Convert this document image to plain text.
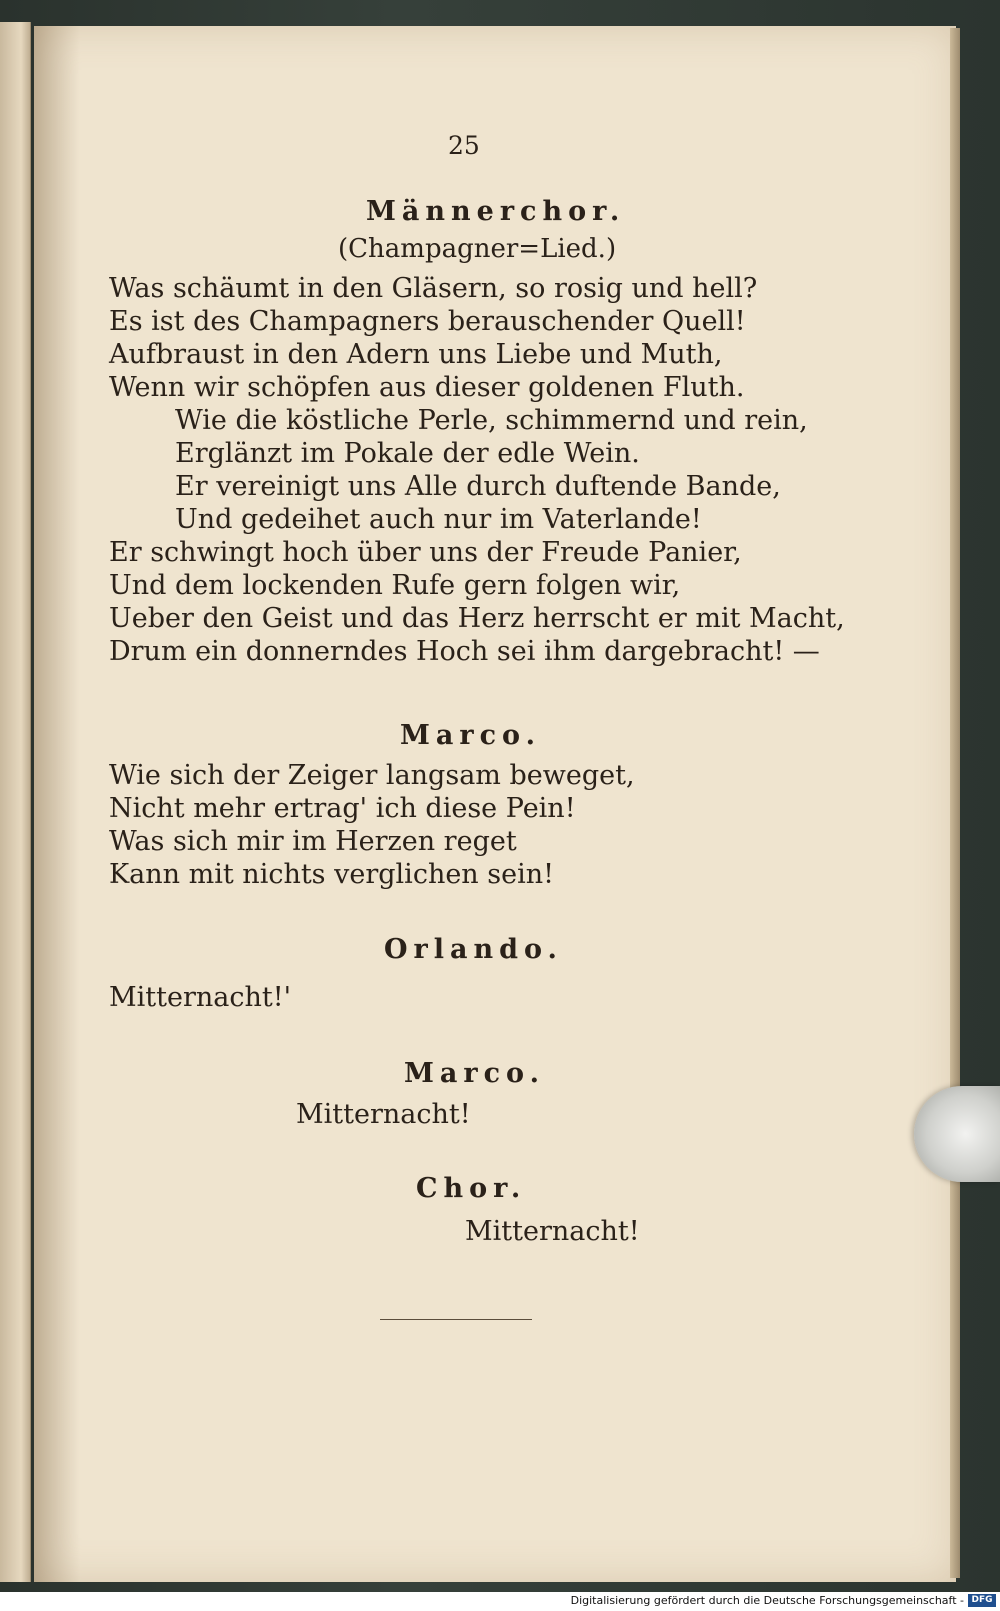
25
Männerchor.
(Champagner=Lied.)
Was schäumt in den Gläsern, so rosig und hell?
Es ist des Champagners berauschender Quell!
Aufbraust in den Adern uns Liebe und Muth,
Wenn wir schöpfen aus dieser goldenen Fluth.
Wie die köstliche Perle, schimmernd und rein,
Erglänzt im Pokale der edle Wein.
Er vereinigt uns Alle durch duftende Bande,
Und gedeihet auch nur im Vaterlande!
Er schwingt hoch über uns der Freude Panier,
Und dem lockenden Rufe gern folgen wir,
Ueber den Geist und das Herz herrscht er mit Macht,
Drum ein donnerndes Hoch sei ihm dargebracht! —
Marco.
Wie sich der Zeiger langsam beweget,
Nicht mehr ertrag' ich diese Pein!
Was sich mir im Herzen reget
Kann mit nichts verglichen sein!
Orlando.
Mitternacht!'
Marco.
Mitternacht!
Chor.
Mitternacht!
Digitalisierung gefördert durch die Deutsche Forschungsgemeinschaft - DFG
